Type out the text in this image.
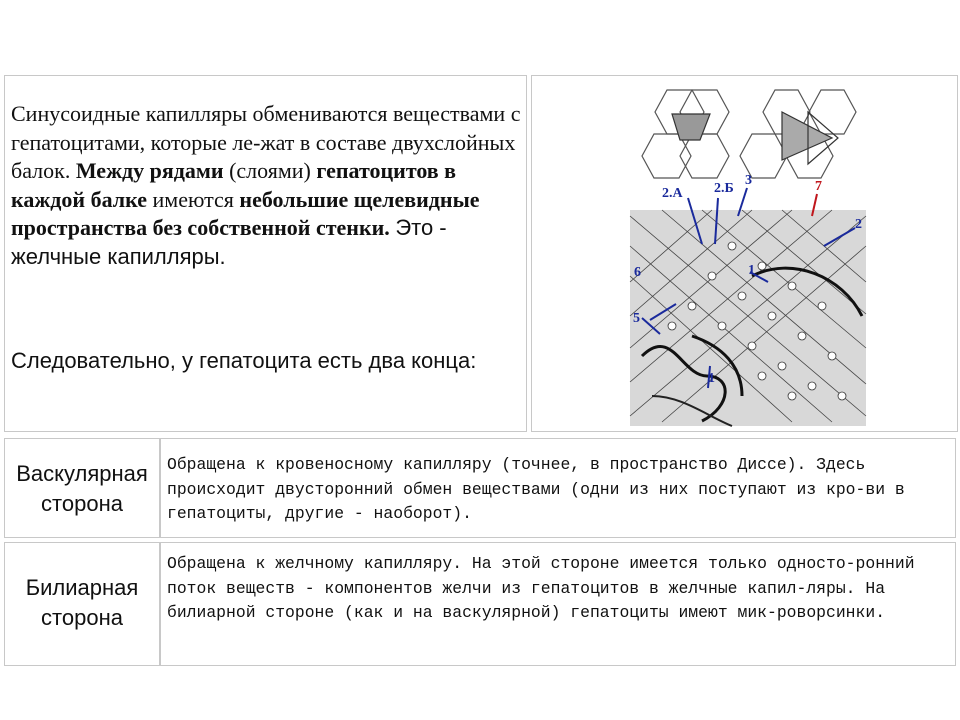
Синусоидные капилляры обмениваются веществами с гепатоцитами, которые ле-жат в составе двухслойных балок. Между рядами (слоями) гепатоцитов в каждой балке имеются небольшие щелевидные пространства без собственной стенки. Это - желчные капилляры.

Следовательно, у гепатоцита есть два конца:

2.А 2.Б
3	7
2
6	1
5
1
Васкулярная сторона
Обращена к кровеносному капилляру (точнее, в пространство Диссе). Здесь происходит двусторонний обмен веществами (одни из них поступают из кро-ви в гепатоциты, другие - наоборот).
Билиарная сторона
Обращена к желчному капилляру. На этой стороне имеется только односто-ронний поток веществ - компонентов желчи из гепатоцитов в желчные капил-ляры. На билиарной стороне (как и на васкулярной) гепатоциты имеют мик-роворсинки.
